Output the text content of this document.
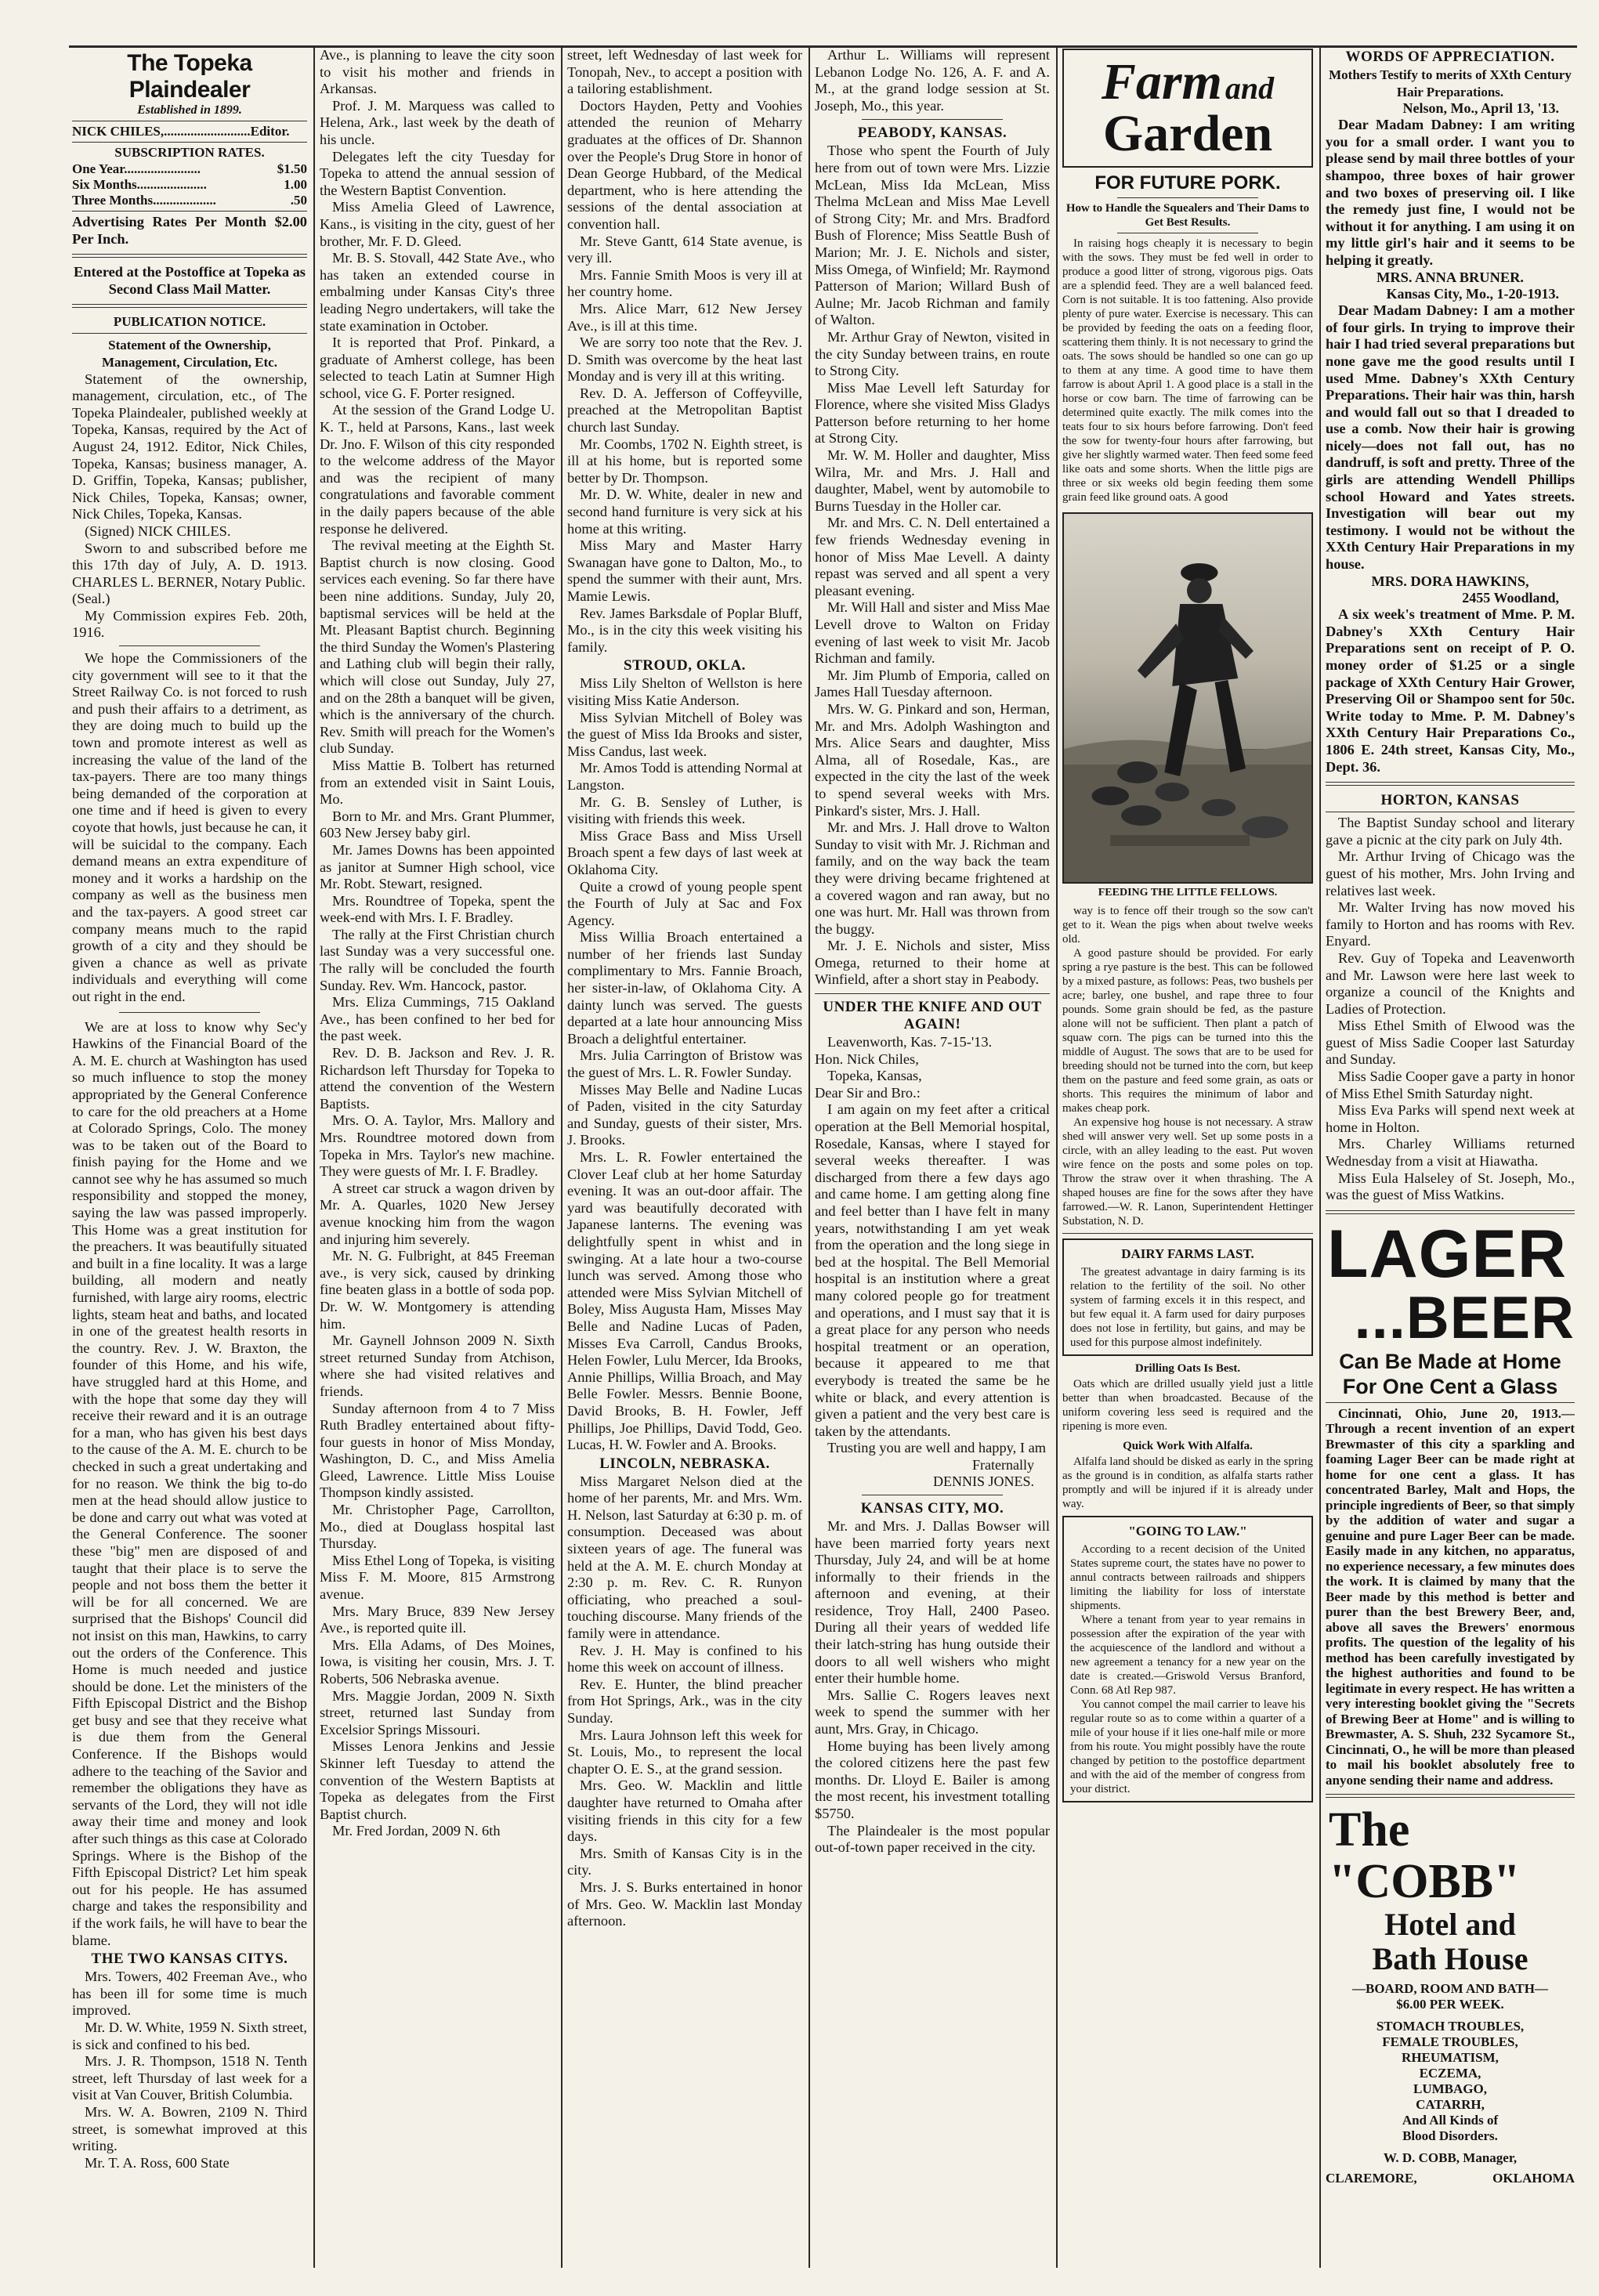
The Topeka Plaindealer
Established in 1899.
NICK CHILES,..........................Editor.
SUBSCRIPTION RATES.
One Year.......................	$1.50
Six Months.....................	1.00
Three Months...................	.50

Advertising Rates Per Month $2.00 Per Inch.

Entered at the Postoffice at Topeka as Second Class Mail Matter.

PUBLICATION NOTICE.

Statement of the Ownership, Management, Circulation, Etc.

Statement of the ownership, management, circulation, etc., of The Topeka Plaindealer, published weekly at Topeka, Kansas, required by the Act of August 24, 1912. Editor, Nick Chiles, Topeka, Kansas; business manager, A. D. Griffin, Topeka, Kansas; publisher, Nick Chiles, Topeka, Kansas; owner, Nick Chiles, Topeka, Kansas.

(Signed) NICK CHILES.

Sworn to and subscribed before me this 17th day of July, A. D. 1913. CHARLES L. BERNER, Notary Public.

(Seal.)

My Commission expires Feb. 20th, 1916.

We hope the Commissioners of the city government will see to it that the Street Railway Co. is not forced to rush and push their affairs to a detriment, as they are doing much to build up the town and promote interest as well as increasing the value of the land of the tax-payers. There are too many things being demanded of the corporation at one time and if heed is given to every coyote that howls, just because he can, it will be suicidal to the company. Each demand means an extra expenditure of money and it works a hardship on the company as well as the business men and the tax-payers. A good street car company means much to the rapid growth of a city and they should be given a chance as well as private individuals and everything will come out right in the end.

We are at loss to know why Sec'y Hawkins of the Financial Board of the A. M. E. church at Washington has used so much influence to stop the money appropriated by the General Conference to care for the old preachers at a Home at Colorado Springs, Colo. The money was to be taken out of the Board to finish paying for the Home and we cannot see why he has assumed so much responsibility and stopped the money, saying the law was passed improperly. This Home was a great institution for the preachers. It was beautifully situated and built in a fine locality. It was a large building, all modern and neatly furnished, with large airy rooms, electric lights, steam heat and baths, and located in one of the greatest health resorts in the country. Rev. J. W. Braxton, the founder of this Home, and his wife, have struggled hard at this Home, and with the hope that some day they will receive their reward and it is an outrage for a man, who has given his best days to the cause of the A. M. E. church to be checked in such a great undertaking and for no reason. We think the big to-do men at the head should allow justice to be done and carry out what was voted at the General Conference. The sooner these "big" men are disposed of and taught that their place is to serve the people and not boss them the better it will be for all concerned. We are surprised that the Bishops' Council did not insist on this man, Hawkins, to carry out the orders of the Conference. This Home is much needed and justice should be done. Let the ministers of the Fifth Episcopal District and the Bishop get busy and see that they receive what is due them from the General Conference. If the Bishops would adhere to the teaching of the Savior and remember the obligations they have as servants of the Lord, they will not idle away their time and money and look after such things as this case at Colorado Springs. Where is the Bishop of the Fifth Episcopal District? Let him speak out for his people. He has assumed charge and takes the responsibility and if the work fails, he will have to bear the blame.

THE TWO KANSAS CITYS.

Mrs. Towers, 402 Freeman Ave., who has been ill for some time is much improved.

Mr. D. W. White, 1959 N. Sixth street, is sick and confined to his bed.

Mrs. J. R. Thompson, 1518 N. Tenth street, left Thursday of last week for a visit at Van Couver, British Columbia.

Mrs. W. A. Bowren, 2109 N. Third street, is somewhat improved at this writing.

Mr. T. A. Ross, 600 State

Ave., is planning to leave the city soon to visit his mother and friends in Arkansas.

Prof. J. M. Marquess was called to Helena, Ark., last week by the death of his uncle.

Delegates left the city Tuesday for Topeka to attend the annual session of the Western Baptist Convention.

Miss Amelia Gleed of Lawrence, Kans., is visiting in the city, guest of her brother, Mr. F. D. Gleed.

Mr. B. S. Stovall, 442 State Ave., who has taken an extended course in embalming under Kansas City's three leading Negro undertakers, will take the state examination in October.

It is reported that Prof. Pinkard, a graduate of Amherst college, has been selected to teach Latin at Sumner High school, vice G. F. Porter resigned.

At the session of the Grand Lodge U. K. T., held at Parsons, Kans., last week Dr. Jno. F. Wilson of this city responded to the welcome address of the Mayor and was the recipient of many congratulations and favorable comment in the daily papers because of the able response he delivered.

The revival meeting at the Eighth St. Baptist church is now closing. Good services each evening. So far there have been nine additions. Sunday, July 20, baptismal services will be held at the Mt. Pleasant Baptist church. Beginning the third Sunday the Women's Plastering and Lathing club will begin their rally, which will close out Sunday, July 27, and on the 28th a banquet will be given, which is the anniversary of the church. Rev. Smith will preach for the Women's club Sunday.

Miss Mattie B. Tolbert has returned from an extended visit in Saint Louis, Mo.

Born to Mr. and Mrs. Grant Plummer, 603 New Jersey baby girl.

Mr. James Downs has been appointed as janitor at Sumner High school, vice Mr. Robt. Stewart, resigned.

Mrs. Roundtree of Topeka, spent the week-end with Mrs. I. F. Bradley.

The rally at the First Christian church last Sunday was a very successful one. The rally will be concluded the fourth Sunday. Rev. Wm. Hancock, pastor.

Mrs. Eliza Cummings, 715 Oakland Ave., has been confined to her bed for the past week.

Rev. D. B. Jackson and Rev. J. R. Richardson left Thursday for Topeka to attend the convention of the Western Baptists.

Mrs. O. A. Taylor, Mrs. Mallory and Mrs. Roundtree motored down from Topeka in Mrs. Taylor's new machine. They were guests of Mr. I. F. Bradley.

A street car struck a wagon driven by Mr. A. Quarles, 1020 New Jersey avenue knocking him from the wagon and injuring him severely.

Mr. N. G. Fulbright, at 845 Freeman ave., is very sick, caused by drinking fine beaten glass in a bottle of soda pop. Dr. W. W. Montgomery is attending him.

Mr. Gaynell Johnson 2009 N. Sixth street returned Sunday from Atchison, where she had visited relatives and friends.

Sunday afternoon from 4 to 7 Miss Ruth Bradley entertained about fifty-four guests in honor of Miss Monday, Washington, D. C., and Miss Amelia Gleed, Lawrence. Little Miss Louise Thompson kindly assisted.

Mr. Christopher Page, Carrollton, Mo., died at Douglass hospital last Thursday.

Miss Ethel Long of Topeka, is visiting Miss F. M. Moore, 815 Armstrong avenue.

Mrs. Mary Bruce, 839 New Jersey Ave., is reported quite ill.

Mrs. Ella Adams, of Des Moines, Iowa, is visiting her cousin, Mrs. J. T. Roberts, 506 Nebraska avenue.

Mrs. Maggie Jordan, 2009 N. Sixth street, returned last Sunday from Excelsior Springs Missouri.

Misses Lenora Jenkins and Jessie Skinner left Tuesday to attend the convention of the Western Baptists at Topeka as delegates from the First Baptist church.

Mr. Fred Jordan, 2009 N. 6th

street, left Wednesday of last week for Tonopah, Nev., to accept a position with a tailoring establishment.

Doctors Hayden, Petty and Voohies attended the reunion of Meharry graduates at the offices of Dr. Shannon over the People's Drug Store in honor of Dean George Hubbard, of the Medical department, who is here attending the sessions of the dental association at convention hall.

Mr. Steve Gantt, 614 State avenue, is very ill.

Mrs. Fannie Smith Moos is very ill at her country home.

Mrs. Alice Marr, 612 New Jersey Ave., is ill at this time.

We are sorry too note that the Rev. J. D. Smith was overcome by the heat last Monday and is very ill at this writing.

Rev. D. A. Jefferson of Coffeyville, preached at the Metropolitan Baptist church last Sunday.

Mr. Coombs, 1702 N. Eighth street, is ill at his home, but is reported some better by Dr. Thompson.

Mr. D. W. White, dealer in new and second hand furniture is very sick at his home at this writing.

Miss Mary and Master Harry Swanagan have gone to Dalton, Mo., to spend the summer with their aunt, Mrs. Mamie Lewis.

Rev. James Barksdale of Poplar Bluff, Mo., is in the city this week visiting his family.

STROUD, OKLA.

Miss Lily Shelton of Wellston is here visiting Miss Katie Anderson.

Miss Sylvian Mitchell of Boley was the guest of Miss Ida Brooks and sister, Miss Candus, last week.

Mr. Amos Todd is attending Normal at Langston.

Mr. G. B. Sensley of Luther, is visiting with friends this week.

Miss Grace Bass and Miss Ursell Broach spent a few days of last week at Oklahoma City.

Quite a crowd of young people spent the Fourth of July at Sac and Fox Agency.

Miss Willia Broach entertained a number of her friends last Sunday complimentary to Mrs. Fannie Broach, her sister-in-law, of Oklahoma City. A dainty lunch was served. The guests departed at a late hour announcing Miss Broach a delightful entertainer.

Mrs. Julia Carrington of Bristow was the guest of Mrs. L. R. Fowler Sunday.

Misses May Belle and Nadine Lucas of Paden, visited in the city Saturday and Sunday, guests of their sister, Mrs. J. Brooks.

Mrs. L. R. Fowler entertained the Clover Leaf club at her home Saturday evening. It was an out-door affair. The yard was beautifully decorated with Japanese lanterns. The evening was delightfully spent in whist and in swinging. At a late hour a two-course lunch was served. Among those who attended were Miss Sylvian Mitchell of Boley, Miss Augusta Ham, Misses May Belle and Nadine Lucas of Paden, Misses Eva Carroll, Candus Brooks, Helen Fowler, Lulu Mercer, Ida Brooks, Annie Phillips, Willia Broach, and May Belle Fowler. Messrs. Bennie Boone, David Brooks, B. H. Fowler, Jeff Phillips, Joe Phillips, David Todd, Geo. Lucas, H. W. Fowler and A. Brooks.

LINCOLN, NEBRASKA.

Miss Margaret Nelson died at the home of her parents, Mr. and Mrs. Wm. H. Nelson, last Saturday at 6:30 p. m. of consumption. Deceased was about sixteen years of age. The funeral was held at the A. M. E. church Monday at 2:30 p. m. Rev. C. R. Runyon officiating, who preached a soul-touching discourse. Many friends of the family were in attendance.

Rev. J. H. May is confined to his home this week on account of illness.

Rev. E. Hunter, the blind preacher from Hot Springs, Ark., was in the city Sunday.

Mrs. Laura Johnson left this week for St. Louis, Mo., to represent the local chapter O. E. S., at the grand session.

Mrs. Geo. W. Macklin and little daughter have returned to Omaha after visiting friends in this city for a few days.

Mrs. Smith of Kansas City is in the city.

Mrs. J. S. Burks entertained in honor of Mrs. Geo. W. Macklin last Monday afternoon.

Arthur L. Williams will represent Lebanon Lodge No. 126, A. F. and A. M., at the grand lodge session at St. Joseph, Mo., this year.

PEABODY, KANSAS.

Those who spent the Fourth of July here from out of town were Mrs. Lizzie McLean, Miss Ida McLean, Miss Thelma McLean and Miss Mae Levell of Strong City; Mr. and Mrs. Bradford Bush of Florence; Miss Seattle Bush of Marion; Mr. J. E. Nichols and sister, Miss Omega, of Winfield; Mr. Raymond Patterson of Marion; Willard Bush of Aulne; Mr. Jacob Richman and family of Walton.

Mr. Arthur Gray of Newton, visited in the city Sunday between trains, en route to Strong City.

Miss Mae Levell left Saturday for Florence, where she visited Miss Gladys Patterson before returning to her home at Strong City.

Mr. W. M. Holler and daughter, Miss Wilra, Mr. and Mrs. J. Hall and daughter, Mabel, went by automobile to Burns Tuesday in the Holler car.

Mr. and Mrs. C. N. Dell entertained a few friends Wednesday evening in honor of Miss Mae Levell. A dainty repast was served and all spent a very pleasant evening.

Mr. Will Hall and sister and Miss Mae Levell drove to Walton on Friday evening of last week to visit Mr. Jacob Richman and family.

Mr. Jim Plumb of Emporia, called on James Hall Tuesday afternoon.

Mrs. W. G. Pinkard and son, Herman, Mr. and Mrs. Adolph Washington and Mrs. Alice Sears and daughter, Miss Alma, all of Rosedale, Kas., are expected in the city the last of the week to spend several weeks with Mrs. Pinkard's sister, Mrs. J. Hall.

Mr. and Mrs. J. Hall drove to Walton Sunday to visit with Mr. J. Richman and family, and on the way back the team they were driving became frightened at a covered wagon and ran away, but no one was hurt. Mr. Hall was thrown from the buggy.

Mr. J. E. Nichols and sister, Miss Omega, returned to their home at Winfield, after a short stay in Peabody.

UNDER THE KNIFE AND OUT AGAIN!

Leavenworth, Kas. 7-15-'13.

Hon. Nick Chiles,

Topeka, Kansas,

Dear Sir and Bro.:

I am again on my feet after a critical operation at the Bell Memorial hospital, Rosedale, Kansas, where I stayed for several weeks thereafter. I was discharged from there a few days ago and came home. I am getting along fine and feel better than I have felt in many years, notwithstanding I am yet weak from the operation and the long siege in bed at the hospital. The Bell Memorial hospital is an institution where a great many colored people go for treatment and operations, and I must say that it is a great place for any person who needs hospital treatment or an operation, because it appeared to me that everybody is treated the same be he white or black, and every attention is given a patient and the very best care is taken by the attendants.

Trusting you are well and happy, I am

Fraternally

DENNIS JONES.

KANSAS CITY, MO.

Mr. and Mrs. J. Dallas Bowser will have been married forty years next Thursday, July 24, and will be at home informally to their friends in the afternoon and evening, at their residence, Troy Hall, 2400 Paseo. During all their years of wedded life their latch-string has hung outside their doors to all well wishers who might enter their humble home.

Mrs. Sallie C. Rogers leaves next week to spend the summer with her aunt, Mrs. Gray, in Chicago.

Home buying has been lively among the colored citizens here the past few months. Dr. Lloyd E. Bailer is among the most recent, his investment totalling $5750.

The Plaindealer is the most popular out-of-town paper received in the city.

Farm and
Garden
FOR FUTURE PORK.

How to Handle the Squealers and Their Dams to Get Best Results.

In raising hogs cheaply it is necessary to begin with the sows. They must be fed well in order to produce a good litter of strong, vigorous pigs. Oats are a splendid feed. They are a well balanced feed. Corn is not suitable. It is too fattening. Also provide plenty of pure water. Exercise is necessary. This can be provided by feeding the oats on a feeding floor, scattering them thinly. It is not necessary to grind the oats. The sows should be handled so one can go up to them at any time. A good time to have them farrow is about April 1. A good place is a stall in the horse or cow barn. The time of farrowing can be determined quite exactly. The milk comes into the teats four to six hours before farrowing. Don't feed the sow for twenty-four hours after farrowing, but give her slightly warmed water. Then feed some feed like oats and some shorts. When the little pigs are three or six weeks old begin feeding them some grain feed like ground oats. A good

FEEDING THE LITTLE FELLOWS.

way is to fence off their trough so the sow can't get to it. Wean the pigs when about twelve weeks old.

A good pasture should be provided. For early spring a rye pasture is the best. This can be followed by a mixed pasture, as follows: Peas, two bushels per acre; barley, one bushel, and rape three to four pounds. Some grain should be fed, as the pasture alone will not be sufficient. Then plant a patch of squaw corn. The pigs can be turned into this the middle of August. The sows that are to be used for breeding should not be turned into the corn, but keep them on the pasture and feed some grain, as oats or shorts. This requires the minimum of labor and makes cheap pork.

An expensive hog house is not necessary. A straw shed will answer very well. Set up some posts in a circle, with an alley leading to the east. Put woven wire fence on the posts and some poles on top. Throw the straw over it when thrashing. The A shaped houses are fine for the sows after they have farrowed.—W. R. Lanon, Superintendent Hettinger Substation, N. D.

DAIRY FARMS LAST.

The greatest advantage in dairy farming is its relation to the fertility of the soil. No other system of farming excels it in this respect, and but few equal it. A farm used for dairy purposes does not lose in fertility, but gains, and may be used for this purpose almost indefinitely.

Drilling Oats Is Best.

Oats which are drilled usually yield just a little better than when broadcasted. Because of the uniform covering less seed is required and the ripening is more even.

Quick Work With Alfalfa.

Alfalfa land should be disked as early in the spring as the ground is in condition, as alfalfa starts rather promptly and will be injured if it is already under way.

"GOING TO LAW."

According to a recent decision of the United States supreme court, the states have no power to annul contracts between railroads and shippers limiting the liability for loss of interstate shipments.

Where a tenant from year to year remains in possession after the expiration of the year with the acquiescence of the landlord and without a new agreement a tenancy for a new year on the date is created.—Griswold Versus Branford, Conn. 68 Atl Rep 987.

You cannot compel the mail carrier to leave his regular route so as to come within a quarter of a mile of your house if it lies one-half mile or more from his route. You might possibly have the route changed by petition to the postoffice department and with the aid of the member of congress from your district.

WORDS OF APPRECIATION.

Mothers Testify to merits of XXth Century Hair Preparations.

Nelson, Mo., April 13, '13.

Dear Madam Dabney: I am writing you for a small order. I want you to please send by mail three bottles of your shampoo, three boxes of hair grower and two boxes of preserving oil. I like the remedy just fine, I would not be without it for anything. I am using it on my little girl's hair and it seems to be helping it greatly.

MRS. ANNA BRUNER.

Kansas City, Mo., 1-20-1913.

Dear Madam Dabney: I am a mother of four girls. In trying to improve their hair I had tried several preparations but none gave me the good results until I used Mme. Dabney's XXth Century Preparations. Their hair was thin, harsh and would fall out so that I dreaded to use a comb. Now their hair is growing nicely—does not fall out, has no dandruff, is soft and pretty. Three of the girls are attending Wendell Phillips school Howard and Yates streets. Investigation will bear out my testimony. I would not be without the XXth Century Hair Preparations in my house.

MRS. DORA HAWKINS,

2455 Woodland,

A six week's treatment of Mme. P. M. Dabney's XXth Century Hair Preparations sent on receipt of P. O. money order of $1.25 or a single package of XXth Century Hair Grower, Preserving Oil or Shampoo sent for 50c. Write today to Mme. P. M. Dabney's XXth Century Hair Preparations Co., 1806 E. 24th street, Kansas City, Mo., Dept. 36.

HORTON, KANSAS

The Baptist Sunday school and literary gave a picnic at the city park on July 4th.

Mr. Arthur Irving of Chicago was the guest of his mother, Mrs. John Irving and relatives last week.

Mr. Walter Irving has now moved his family to Horton and has rooms with Rev. Enyard.

Rev. Guy of Topeka and Leavenworth and Mr. Lawson were here last week to organize a council of the Knights and Ladies of Protection.

Miss Ethel Smith of Elwood was the guest of Miss Sadie Cooper last Saturday and Sunday.

Miss Sadie Cooper gave a party in honor of Miss Ethel Smith Saturday night.

Miss Eva Parks will spend next week at home in Holton.

Mrs. Charley Williams returned Wednesday from a visit at Hiawatha.

Miss Eula Halseley of St. Joseph, Mo., was the guest of Miss Watkins.

LAGER
...BEER

Can Be Made at Home

For One Cent a Glass

Cincinnati, Ohio, June 20, 1913.—Through a recent invention of an expert Brewmaster of this city a sparkling and foaming Lager Beer can be made right at home for one cent a glass. It has concentrated Barley, Malt and Hops, the principle ingredients of Beer, so that simply by the addition of water and sugar a genuine and pure Lager Beer can be made. Easily made in any kitchen, no apparatus, no experience necessary, a few minutes does the work. It is claimed by many that the Beer made by this method is better and purer than the best Brewery Beer, and, above all saves the Brewers' enormous profits. The question of the legality of his method has been carefully investigated by the highest authorities and found to be legitimate in every respect. He has written a very interesting booklet giving the "Secrets of Brewing Beer at Home" and is willing to Brewmaster, A. S. Shuh, 232 Sycamore St., Cincinnati, O., he will be more than pleased to mail his booklet absolutely free to anyone sending their name and address.

The "COBB"

Hotel and

Bath House

—BOARD, ROOM AND BATH—

$6.00 PER WEEK.

STOMACH TROUBLES,

FEMALE TROUBLES,

RHEUMATISM,

ECZEMA,

LUMBAGO,

CATARRH,

And All Kinds of

Blood Disorders.

W. D. COBB, Manager,

CLAREMORE,	OKLAHOMA
